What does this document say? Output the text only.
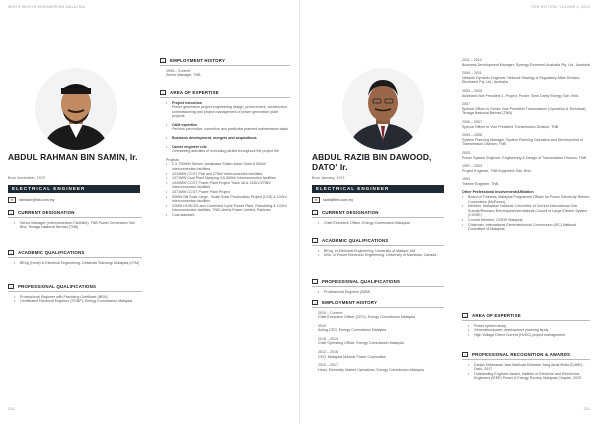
WHO'S WHO IN ENGINEERING MALAYSIA
ABDUL RAHMAN BIN SAMIN, Ir.
Born November, 1972
ELECTRICAL ENGINEER
✉	rahmanr@tnb.com.my
▪	CURRENT DESIGNATION
• Senior Manager (Interconnection Facilities), TNB Power Generation Sdn Bhd, Tenaga Nasional Berhad (TNB)
▪	ACADEMIC QUALIFICATIONS
• BEng (Hons) in Electrical Engineering, Universiti Teknologi Malaysia (UTM)
▪	PROFESSIONAL QUALIFICATIONS
• Professional Engineer with Practising Certificate (BEM)
• Certificated Electrical Engineer (ST/BP), Energy Commission Malaysia
▪	EMPLOYMENT HISTORY
1993 – Current
Senior Manager, TNB
▪	AREA OF EXPERTISE
• Project execution
Power generation project engineering design, procurement, construction, commissioning and project management of power generation plant projects
• O&M expertise
Perform preventive, corrective and predictive planned maintenance tasks
• Business development, mergers and acquisitions
• Owner engineer role
Overseeing activities of executing parties throughout the project life
Projects
• 2 X 700MW Stesen Janakuasa Sultan Azlan Shah & 500kV interconnection facilities
• 1010MW CCGT Prai and 275kV interconnection facilities
• 1071MW Coal Plant Manjung 4 & 500kV Interconnection facilities
• 1440MW CCGT Power Plant Project Track 4A & 132kV/275kV interconnection facilities
• 1071MW CCGT Power Plant Project
• 50MW Bili Solar Large - Scale Solar Photovoltaic Project (LSS) & 132kV interconnection facilities
• 22MW HUSCDS and Combined Cycle Power Plant, Rebuilding & 132kV Interconnection facilities, TNB Liberty Power Limited, Pakistan
• Coal standard
210
TIER EDITION, VOLUME 4, 2024
ABDUL RAZIB BIN DAWOOD, DATO' Ir.
Born January, 1971
ELECTRICAL ENGINEER
✉	razib@tnb.com.my
▪	CURRENT DESIGNATION
• Chief Executive Officer, Energy Commission Malaysia
▪	ACADEMIC QUALIFICATIONS
• BEng, in Electrical Engineering, University of Malaya, UM
• MSc. in Power Electronic Engineering, University of Manitoba, Canada
▪	PROFESSIONAL QUALIFICATIONS
• Professional Engineer (BEM)
▪	EMPLOYMENT HISTORY
2019 – Current
Chief Executive Officer (CEO), Energy Commission Malaysia
2019
Acting CEO, Energy Commission Malaysia
2018 – 2019
Chief Operating Officer, Energy Commission Malaysia
2012 – 2018
CEO, Malaysia Nuclear Power Corporation
2010 – 2017
Head, Electricity Market Operations, Energy Commission Malaysia
2011 – 2012
Business Development Manager, Synergy Ecomeret Australia Pty. Ltd., Australia
2009 – 2011
Network Dynamic Engineer, Network Strategy & Regulatory Affair Division, Electranet Pty. Ltd., Australia
2003 – 2009
Assistant Vice President 1, Project, Power, Sime Darby Energy Sdn. Bhd.
2007
Special Officer to Senior Vice President Transmission (Operation & Technical), Tenaga Nasional Berhad (TNB)
2006 – 2007
Special Officer to Vice President Transmission Division, TNB
2003 – 2006
System Planning Manager, System Planning Operation and Development of Transmission Division, TNB
2003
Power System Engineer, Engineering & Design of Transmission Division, TNB
1997 – 2003
Project Engineer, TNB Engineers Sdn. Bhd.
1994
Trainee Engineer, TNB
Other Professional Involvement/Affiliation
• Board of Trustees, Malaysia Programme Officer for Power Electricity Reform Corporation (MyPower)
• Member, Malaysian National Committee of Current International Gas Srande/Reseaux Electriques/International Council of Large Electric System (CIGRE)
• Council Member, CIGRE Malaysia
• Chairman, International Electrotechnical Commission (IEC) National Committee of Malaysia
▪	AREA OF EXPERTISE
• Power system study
• Generation/power development planning study
• High Voltage Direct Current (HVDC) project management
▪	PROFESSIONAL RECOGNITION & AWARDS
• Darjah Kebesaran Jiwa Mahkota Kelantan Yang Amat Mulia (DJMK) - Dato', 2017
• Outstanding Engineer Award, Institute of Electrical and Electronics Engineers (IEEE) Power & Energy Society, Malaysia Chapter, 2020
211
